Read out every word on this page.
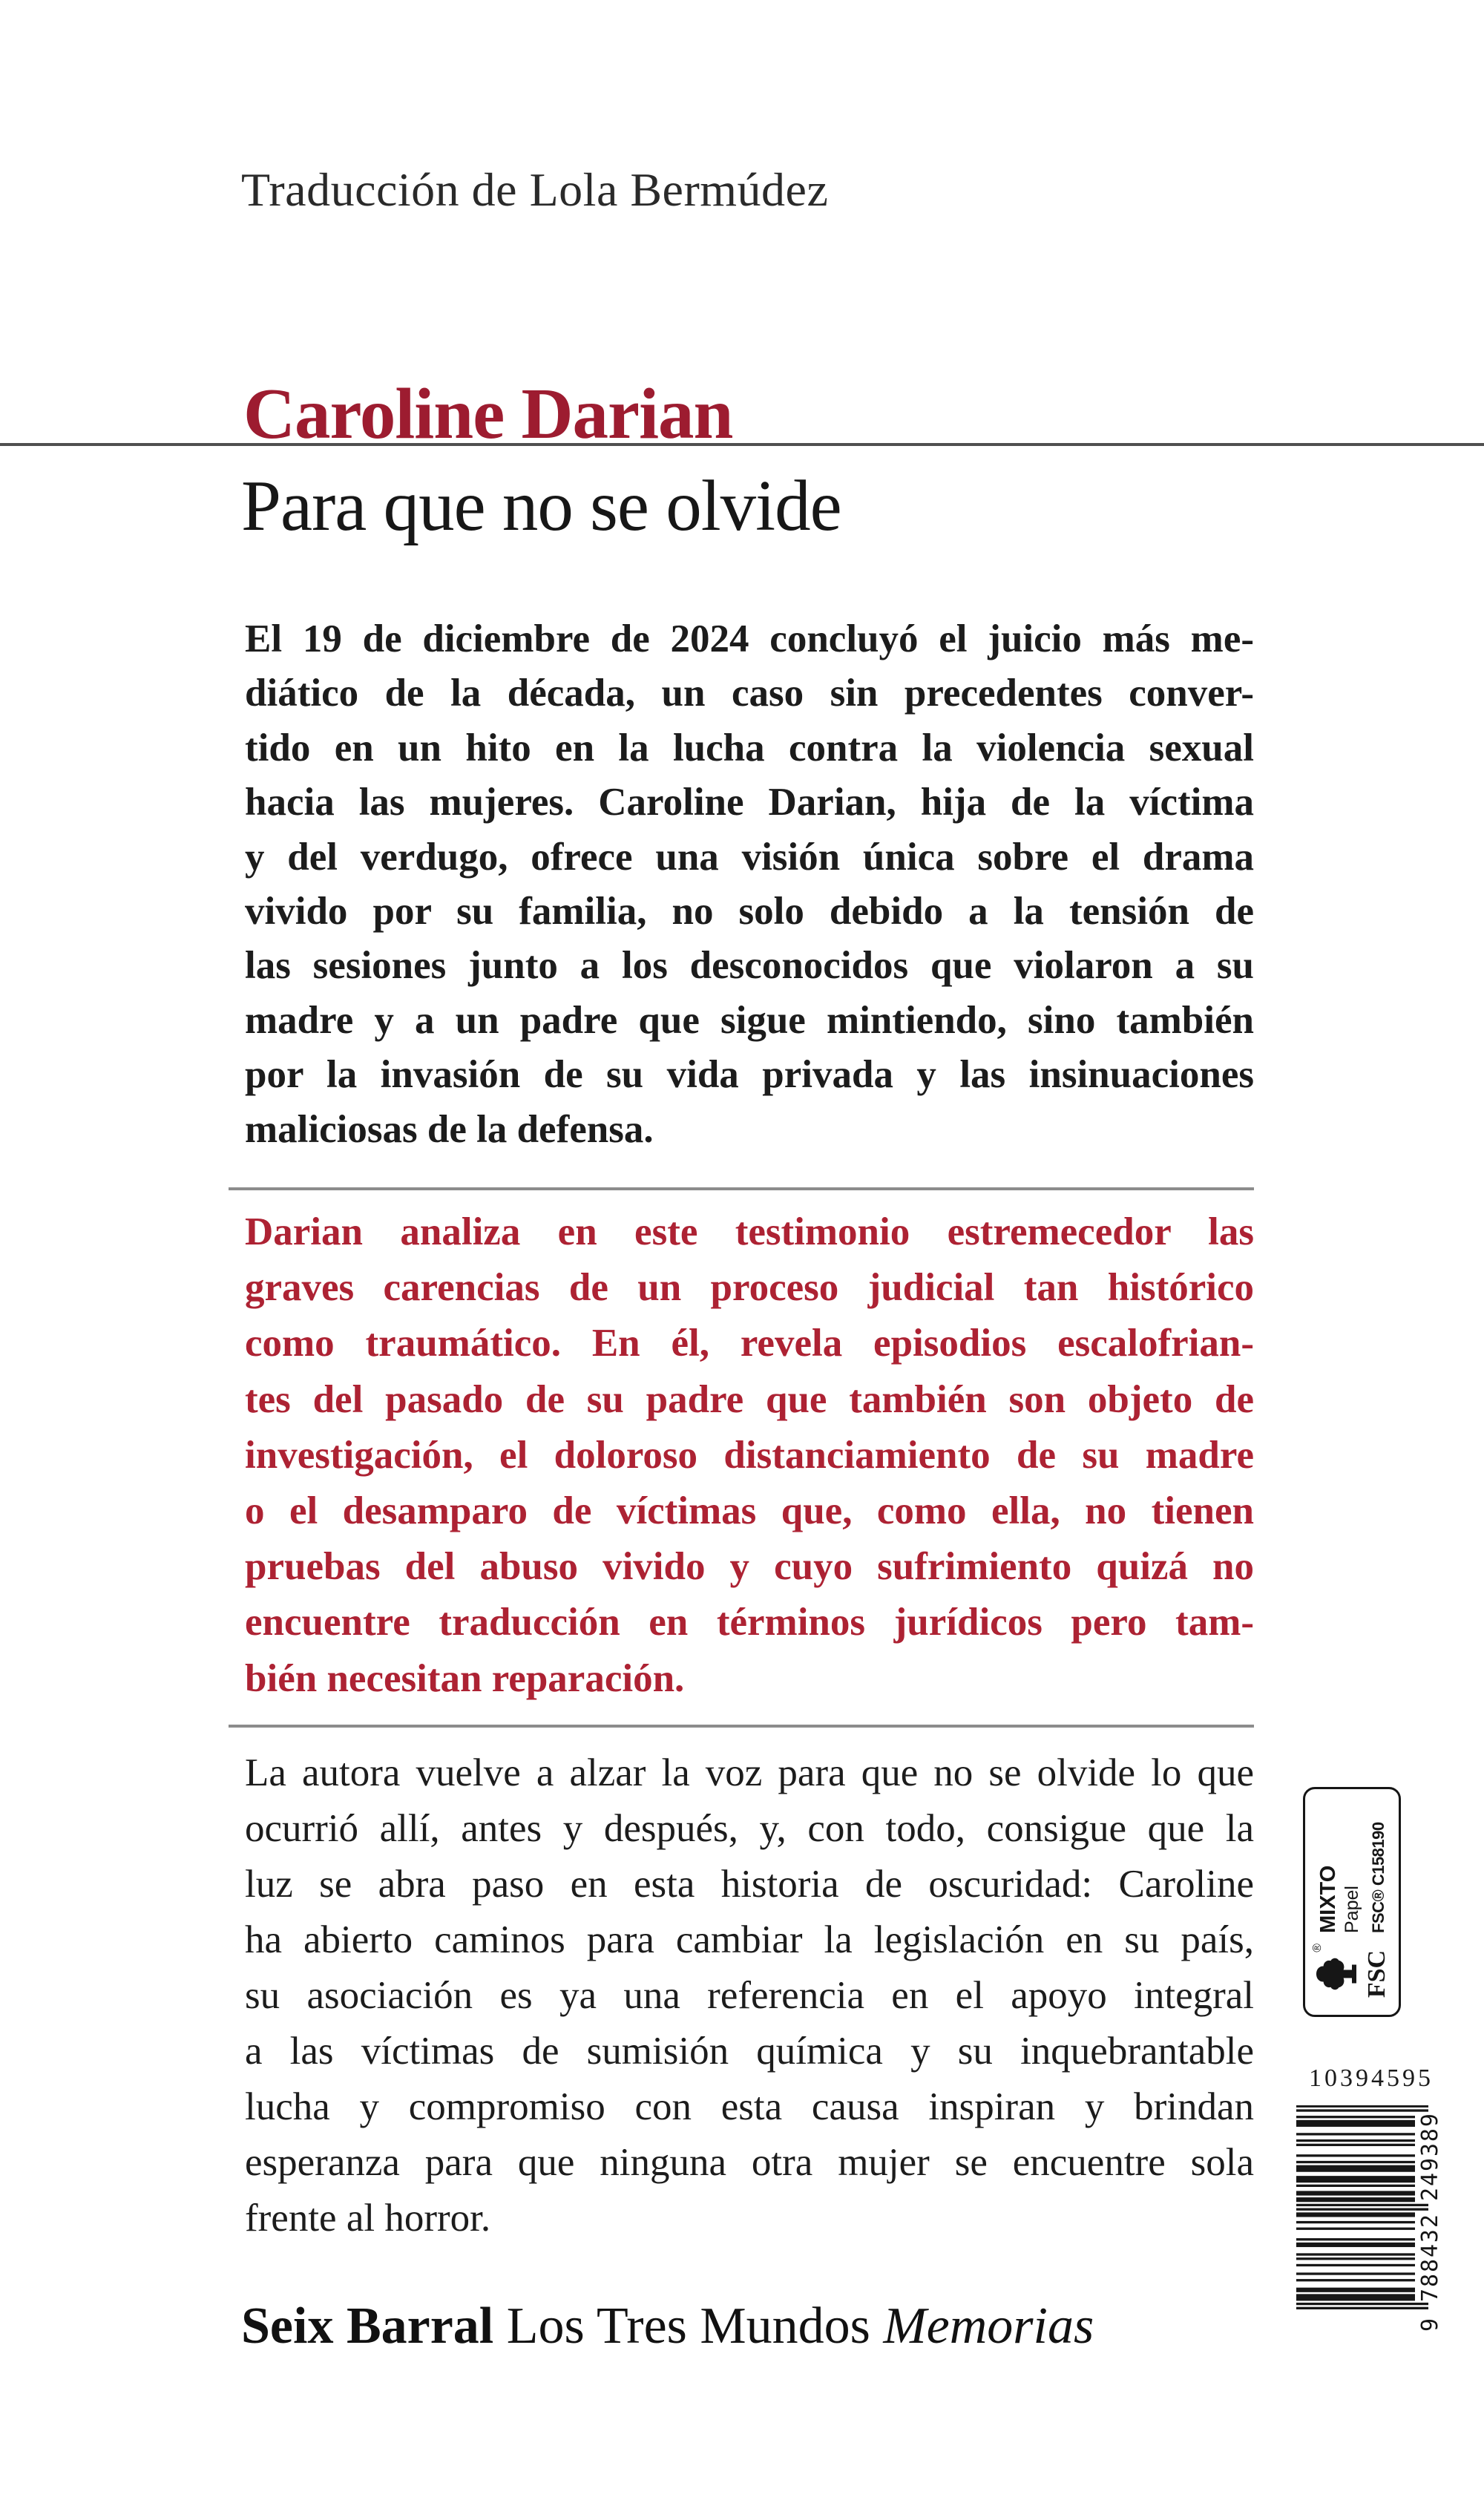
Traducción de Lola Bermúdez
Caroline Darian
Para que no se olvide
El 19 de diciembre de 2024 concluyó el juicio más me-
diático de la década, un caso sin precedentes conver-
tido en un hito en la lucha contra la violencia sexual
hacia las mujeres. Caroline Darian, hija de la víctima
y del verdugo, ofrece una visión única sobre el drama
vivido por su familia, no solo debido a la tensión de
las sesiones junto a los desconocidos que violaron a su
madre y a un padre que sigue mintiendo, sino también
por la invasión de su vida privada y las insinuaciones
maliciosas de la defensa.
Darian analiza en este testimonio estremecedor las
graves carencias de un proceso judicial tan histórico
como traumático. En él, revela episodios escalofrian-
tes del pasado de su padre que también son objeto de
investigación, el doloroso distanciamiento de su madre
o el desamparo de víctimas que, como ella, no tienen
pruebas del abuso vivido y cuyo sufrimiento quizá no
encuentre traducción en términos jurídicos pero tam-
bién necesitan reparación.
La autora vuelve a alzar la voz para que no se olvide lo que
ocurrió allí, antes y después, y, con todo, consigue que la
luz se abra paso en esta historia de oscuridad: Caroline
ha abierto caminos para cambiar la legislación en su país,
su asociación es ya una referencia en el apoyo integral
a las víctimas de sumisión química y su inquebrantable
lucha y compromiso con esta causa inspiran y brindan
esperanza para que ninguna otra mujer se encuentre sola
frente al horror.
Seix Barral Los Tres Mundos Memorias
®
FSC
MIXTO Papel FSC® C158190
10394595
9
7
8
8
4
3
2
2
4
9
3
8
9
